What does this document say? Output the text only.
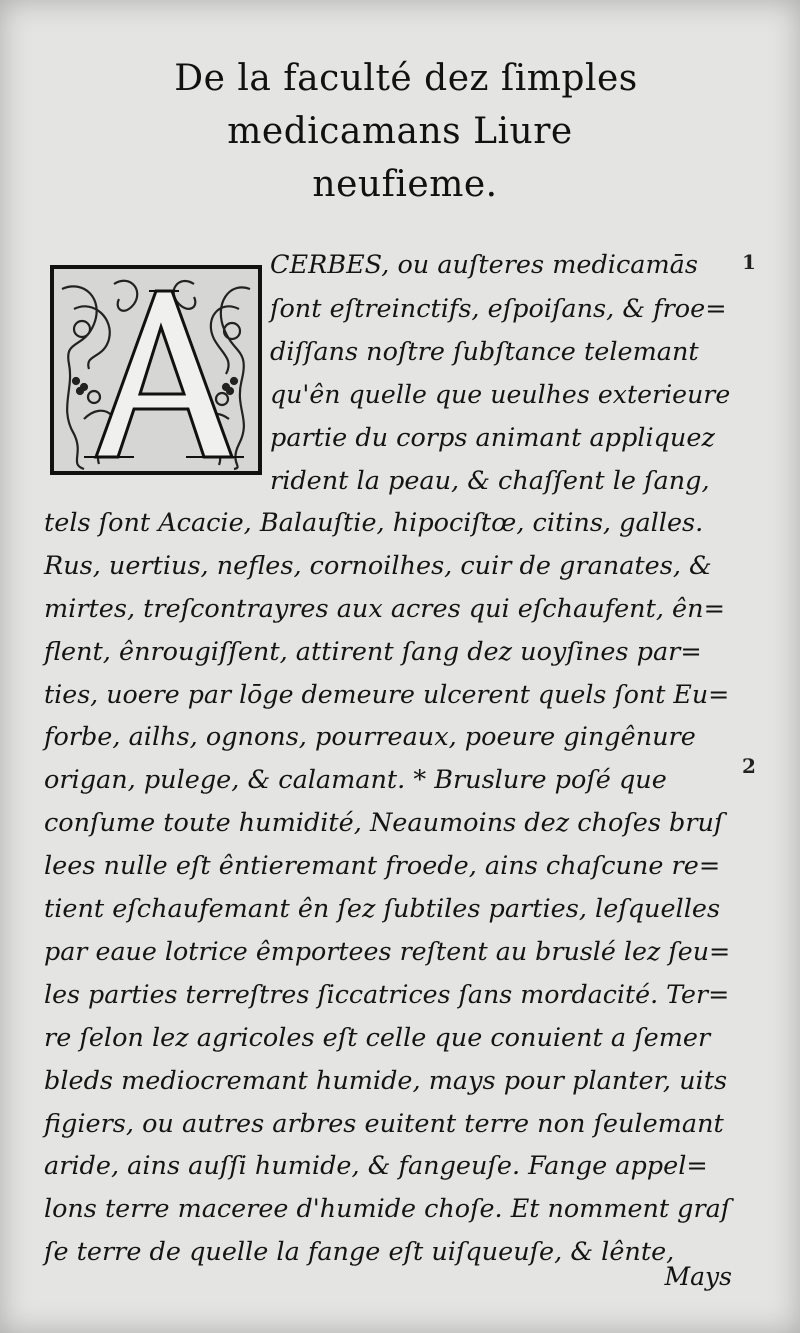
De la faculté dez ſimples
medicamans Liure
neufieme.
1
2
CERBES, ou auſteres medicamās
ſont eſtreinctifs, eſpoiſans, & froe=
diſſans noſtre ſubſtance telemant
qu'ên quelle que ueulhes exterieure
partie du corps animant appliquez
rident la peau, & chaſſent le ſang,
tels ſont Acacie, Balauſtie, hipociſtœ, citins, galles.
Rus, uertius, nefles, cornoilhes, cuir de granates, &
mirtes, treſcontrayres aux acres qui eſchaufent, ên=
flent, ênrougiſſent, attirent ſang dez uoyſines par=
ties, uoere par lōge demeure ulcerent quels ſont Eu=
forbe, ailhs, ognons, pourreaux, poeure gingênure
origan, pulege, & calamant. * Bruslure poſé que
conſume toute humidité, Neaumoins dez choſes bruſ
lees nulle eſt êntieremant froede, ains chaſcune re=
tient eſchaufemant ên ſez ſubtiles parties, leſquelles
par eaue lotrice êmportees reſtent au bruslé lez ſeu=
les parties terreſtres ſiccatrices ſans mordacité. Ter=
re ſelon lez agricoles eſt celle que conuient a ſemer
bleds mediocremant humide, mays pour planter, uits
figiers, ou autres arbres euitent terre non ſeulemant
aride, ains auſſi humide, & fangeuſe. Fange appel=
lons terre maceree d'humide choſe. Et nomment graſ
ſe terre de quelle la fange eſt uiſqueuſe, & lênte,
Mays
